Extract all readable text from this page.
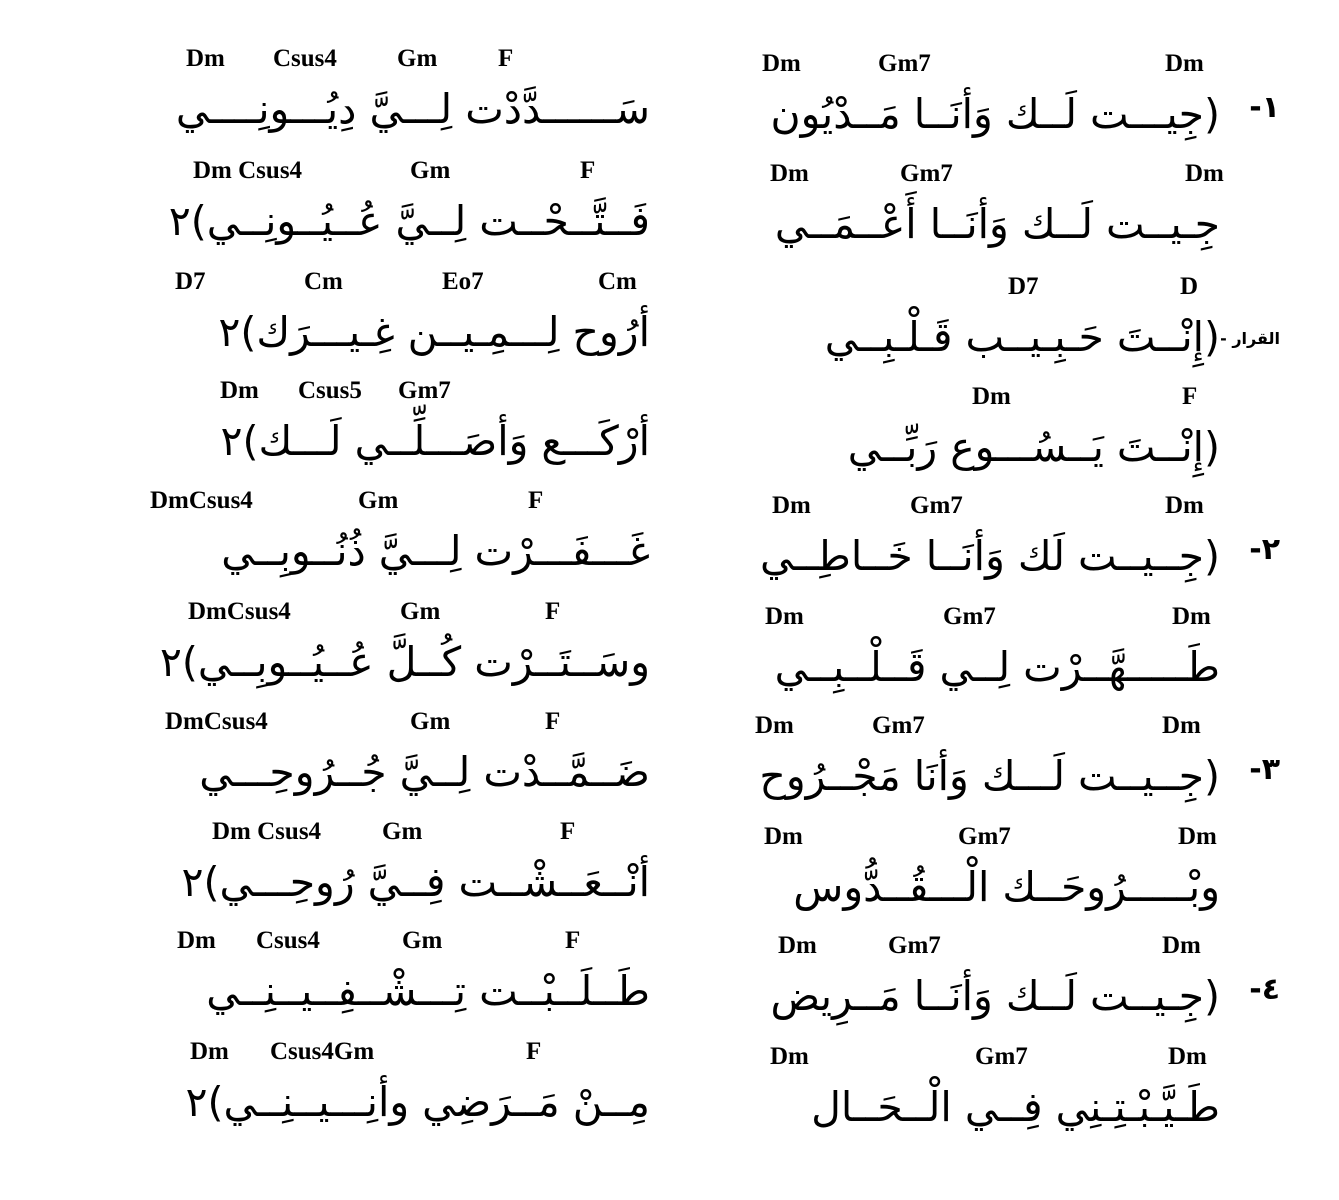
Dm	Gm7	Dm
(جِيـــت لَــك وَأنَــا مَــدْيُون ١-
Dm	Gm7	Dm
جِـيــت لَــك وَأنَــا أَعْــمَــي
D7	D
(إِنْــتَ حَـبِـيــب قَـلْـبِــي القرار -
Dm	F
(إِنْــتَ يَــسُـــوع رَبِّــي
Dm	Gm7	Dm
(جِــيــت لَك وَأنَــا خَــاطِــي ٢-
Dm	Gm7	Dm
طَـــــهَّــرْت لِــي قَــلْــبِــي
Dm	Gm7	Dm
(جِــيــت لَـــك وَأنَا مَجْــرُوح ٣-
Dm	Gm7	Dm
وبْـــــرُوحَــك الْـــقُــدُّوس
Dm	Gm7	Dm
(جِـيــت لَــك وَأنَــا مَــرِيض ٤-
Dm	Gm7	Dm
طَـيَّـبْـتِـنِي فِــي الْــحَــال
Dm Csus4 Gm F
سَــــــدَّدْت لِـــيَّ دِيُـــونِــــي
Dm Csus4	Gm	F
فَــتَّــحْــت لِــيَّ عُــيُــونِــي)٢
D7	Cm	Eo7	Cm
أرُوح لِـــمِـيــن غِـيـــرَك)٢
Dm Csus5 Gm7
أرْكَـــع وَأصَـــلِّــي لَـــك)٢
DmCsus4	Gm	F
غَـــفَـــرْت لِـــيَّ ذُنُــوبِــي
DmCsus4	Gm	F
وسَــتَــرْت كُــلَّ عُــيُــوبِــي)٢
DmCsus4	Gm	F
ضَــمَّــدْت لِــيَّ جُــرُوحِـــي
Dm Csus4 Gm	F
أنْــعَــشْــت فِــيَّ رُوحِـــي)٢
Dm Csus4	Gm	F
طَــلَــبْــت تِـــشْــفِــيــنِــي
Dm Csus4Gm	F
مِــنْ مَــرَضِي وأنِـــيــنِــي)٢
